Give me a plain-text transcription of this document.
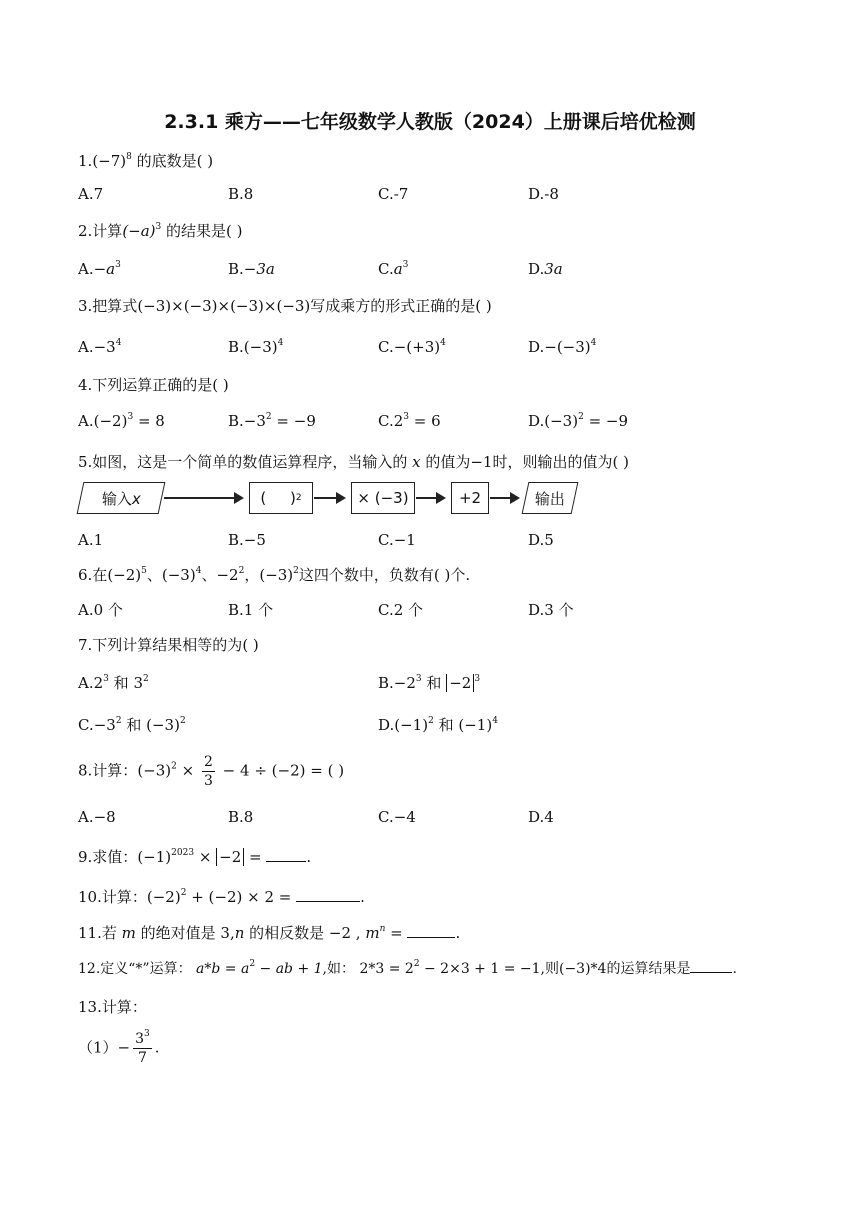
2.3.1 乘方——七年级数学人教版（2024）上册课后培优检测
$1.(-7)^8$ 的底数是( )
A.7	B.8	C.-7	D.-8
2.计算$(-a)^3$ 的结果是( )
$A.-a^3$	B.−3a	$C.a^3$	D.3a
3.把算式(−3)×(−3)×(−3)×(−3)写成乘方的形式正确的是( )
$A.-3^4$	$B.(-3)^4$	$C.-(+3)^4$	$D.-(-3)^4$
4.下列运算正确的是( )
$A.(-2)^3 = 8$	$B.-3^2 = -9$	$C.2^3 = 6$	$D.(-3)^2 = -9$
5.如图，这是一个简单的数值运算程序，当输入的 x 的值为−1时，则输出的值为( )
输入x	(     ) 2	× (−3)	+2	输出
A.1	B.−5	C.−1	D.5
6.在$(-2)^5$、$(-3)^4$、$-2^2$，$(-3)^2$这四个数中，负数有( )个.
A.0 个	B.1 个	C.2 个	D.3 个
7.下列计算结果相等的为( )
$A.2^3$ 和 $3^2$	$B.-2^3$ 和 −2 $^3$
$C.-3^2$ 和 $(-3)^2$	$D.(-1)^2$ 和 $(-1)^4$
8.计算：$(-3)^2 \times \frac{2}{3} - 4 \div (-2)$ = ( )
A.−8	B.8	C.−4	D.4
9.求值：$(-1)^{2023} \times -2$ =	.
10.计算：$(-2)^2 + (-2) \times 2$ =	.
11.若 m 的绝对值是 3,n 的相反数是 −2 , $m^n$ =	.
12.定义“*”运算： $a*b = a^2$ − ab + 1,如： $2*3 = 2^2 - 2\times 3 + 1 = -1$,则(−3)*4的运算结果是	.
13.计算：
$(1)- \frac{3^3}{7}$ .
